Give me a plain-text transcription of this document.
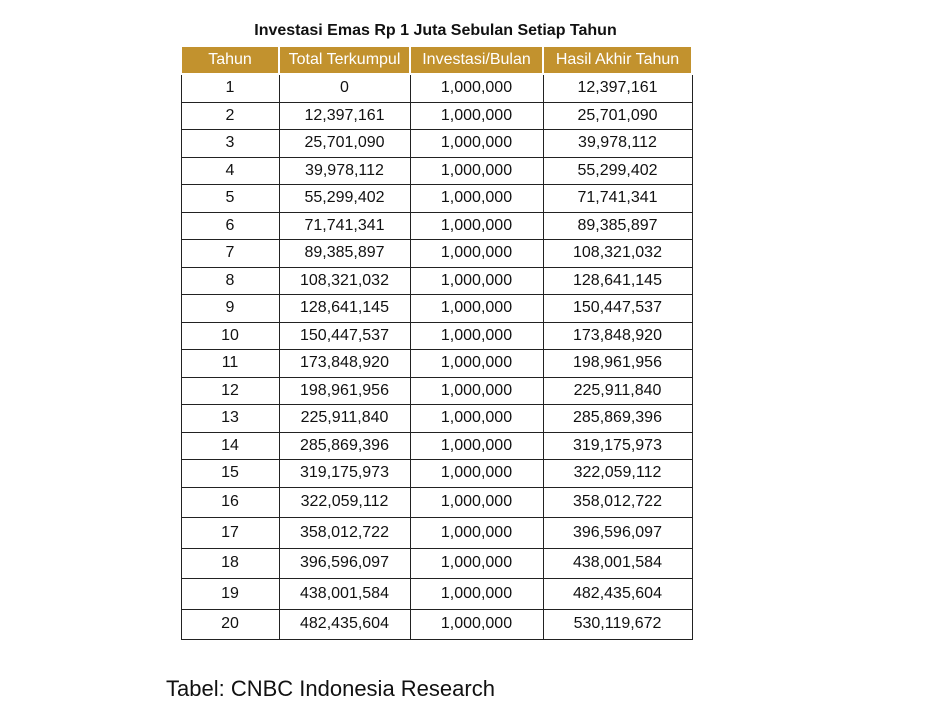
Investasi Emas Rp 1 Juta Sebulan Setiap Tahun
Tahun	Total Terkumpul	Investasi/Bulan	Hasil Akhir Tahun
1	0	1,000,000	12,397,161
2	12,397,161	1,000,000	25,701,090
3	25,701,090	1,000,000	39,978,112
4	39,978,112	1,000,000	55,299,402
5	55,299,402	1,000,000	71,741,341
6	71,741,341	1,000,000	89,385,897
7	89,385,897	1,000,000	108,321,032
8	108,321,032	1,000,000	128,641,145
9	128,641,145	1,000,000	150,447,537
10	150,447,537	1,000,000	173,848,920
11	173,848,920	1,000,000	198,961,956
12	198,961,956	1,000,000	225,911,840
13	225,911,840	1,000,000	285,869,396
14	285,869,396	1,000,000	319,175,973
15	319,175,973	1,000,000	322,059,112
16	322,059,112	1,000,000	358,012,722
17	358,012,722	1,000,000	396,596,097
18	396,596,097	1,000,000	438,001,584
19	438,001,584	1,000,000	482,435,604
20	482,435,604	1,000,000	530,119,672
Tabel: CNBC Indonesia Research
